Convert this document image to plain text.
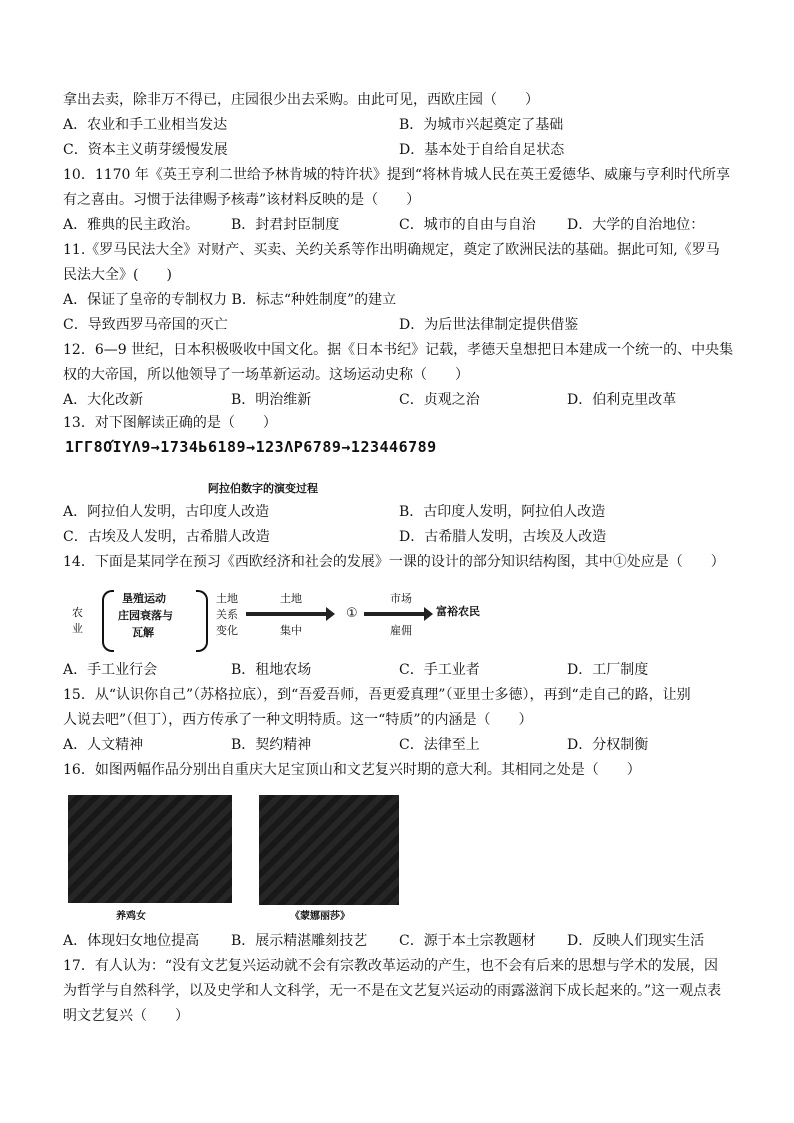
拿出去卖，除非万不得已，庄园很少出去采购。由此可见，西欧庄园（　　）
A．农业和手工业相当发达	B．为城市兴起奠定了基础
C．资本主义萌芽缓慢发展	D．基本处于自给自足状态
10．1170 年《英王亨利二世给予林肯城的特许状》提到“将林肯城人民在英王爱德华、威廉与亨利时代所享
有之喜由。习惯于法律赐予核毒”该材料反映的是（　　）
A．雅典的民主政治。 B．封君封臣制度	C．城市的自由与自治 D．大学的自治地位：
11.《罗马民法大全》对财产、买卖、关约关系等作出明确规定，奠定了欧洲民法的基础。据此可知,《罗马
民法大全》(　　)
A．保证了皇帝的专制权力 B．标志“种姓制度”的建立
C．导致西罗马帝国的灭亡	D．为后世法律制定提供借鉴
12．6—9 世纪，日本积极吸收中国文化。据《日本书纪》记载，孝德天皇想把日本建成一个统一的、中央集
权的大帝国，所以他领导了一场革新运动。这场运动史称（　　）
A．大化改新	B．明治维新	C．贞观之治	D．伯利克里改革
13．对下图解读正确的是（　　）
1ΓΓ8ΟΊΥΛ9→1734Ь6189→123ΛΡ6789→123446789
阿拉伯数字的演变过程
A．阿拉伯人发明，古印度人改造	B．古印度人发明，阿拉伯人改造
C．古埃及人发明，古希腊人改造	D．古希腊人发明，古埃及人改造
14．下面是某同学在预习《西欧经济和社会的发展》一课的设计的部分知识结构图，其中①处应是（　　）
农
业
垦殖运动
庄园衰落与
瓦解
土地
关系
变化
土地
集中
①
市场
雇佣
富裕农民
A．手工业行会	B．租地农场	C．手工业者	D．工厂制度
15．从“认识你自己”（苏格拉底），到“吾爱吾师，吾更爱真理”（亚里士多德），再到“走自己的路，让别
人说去吧”（但丁），西方传承了一种文明特质。这一“特质”的内涵是（　　）
A．人文精神	B．契约精神	C．法律至上	D．分权制衡
16．如图两幅作品分别出自重庆大足宝顶山和文艺复兴时期的意大利。其相同之处是（　　）
养鸡女	《蒙娜丽莎》
A．体现妇女地位提高 B．展示精湛雕刻技艺 C．源于本土宗教题材 D．反映人们现实生活
17．有人认为：“没有文艺复兴运动就不会有宗教改革运动的产生，也不会有后来的思想与学术的发展，因
为哲学与自然科学，以及史学和人文科学，无一不是在文艺复兴运动的雨露滋润下成长起来的。”这一观点表
明文艺复兴（　　）
